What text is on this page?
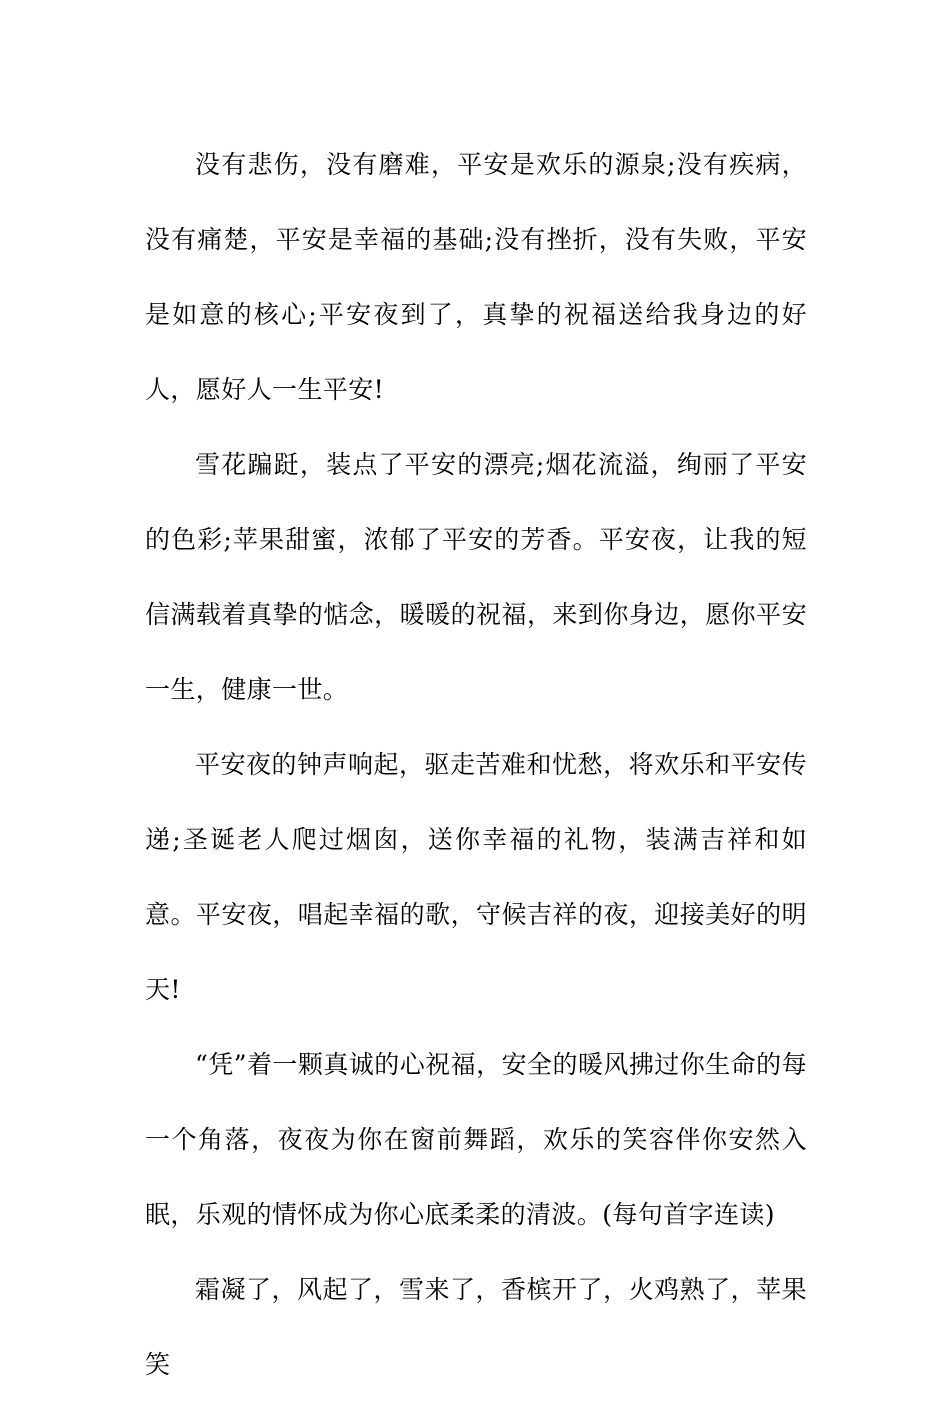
没有悲伤，没有磨难，平安是欢乐的源泉;没有疾病，没有痛楚，平安是幸福的基础;没有挫折，没有失败，平安是如意的核心;平安夜到了，真挚的祝福送给我身边的好人，愿好人一生平安!

雪花蹁跹，装点了平安的漂亮;烟花流溢，绚丽了平安的色彩;苹果甜蜜，浓郁了平安的芳香。平安夜，让我的短信满载着真挚的惦念，暖暖的祝福，来到你身边，愿你平安一生，健康一世。

平安夜的钟声响起，驱走苦难和忧愁，将欢乐和平安传递;圣诞老人爬过烟囱，送你幸福的礼物，装满吉祥和如意。平安夜，唱起幸福的歌，守候吉祥的夜，迎接美好的明天!

“凭”着一颗真诚的心祝福，安全的暖风拂过你生命的每一个角落，夜夜为你在窗前舞蹈，欢乐的笑容伴你安然入眠，乐观的情怀成为你心底柔柔的清波。(每句首字连读)

霜凝了，风起了，雪来了，香槟开了，火鸡熟了，苹果笑
